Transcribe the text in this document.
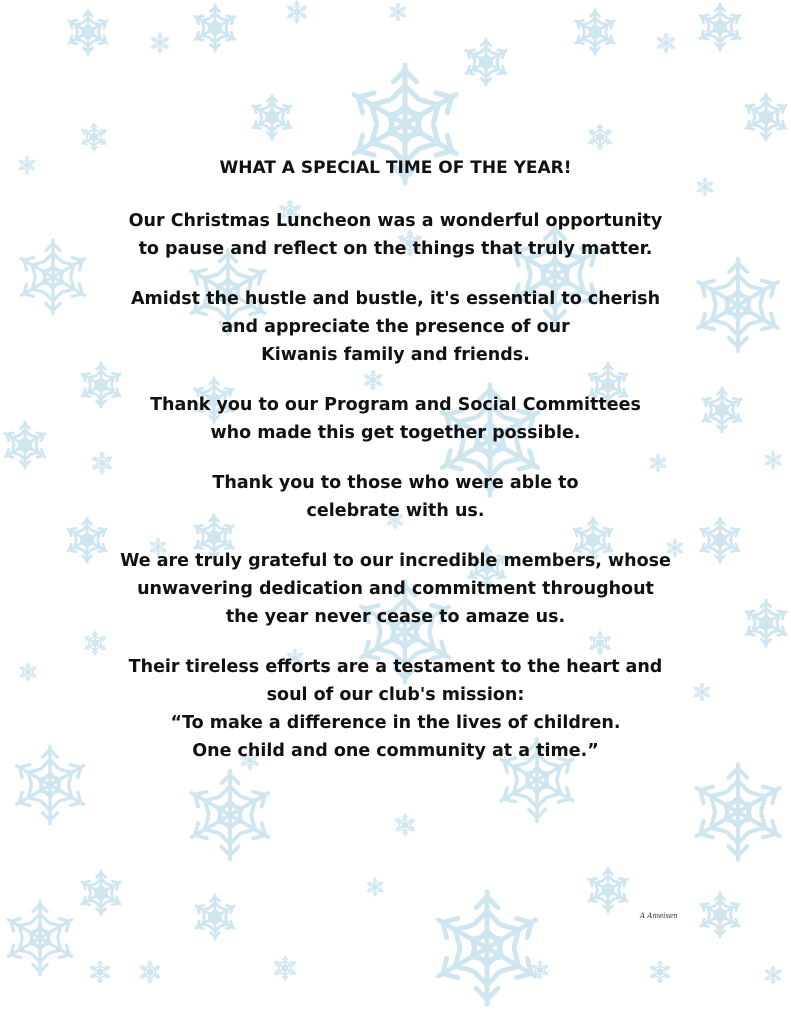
WHAT A SPECIAL TIME OF THE YEAR!
Our Christmas Luncheon was a wonderful opportunity
to pause and reflect on the things that truly matter.
Amidst the hustle and bustle, it's essential to cherish
and appreciate the presence of our
Kiwanis family and friends.
Thank you to our Program and Social Committees
who made this get together possible.
Thank you to those who were able to
celebrate with us.
We are truly grateful to our incredible members, whose
unwavering dedication and commitment throughout
the year never cease to amaze us.
Their tireless efforts are a testament to the heart and
soul of our club's mission:
“To make a difference in the lives of children.
One child and one community at a time.”
A Ameisen
